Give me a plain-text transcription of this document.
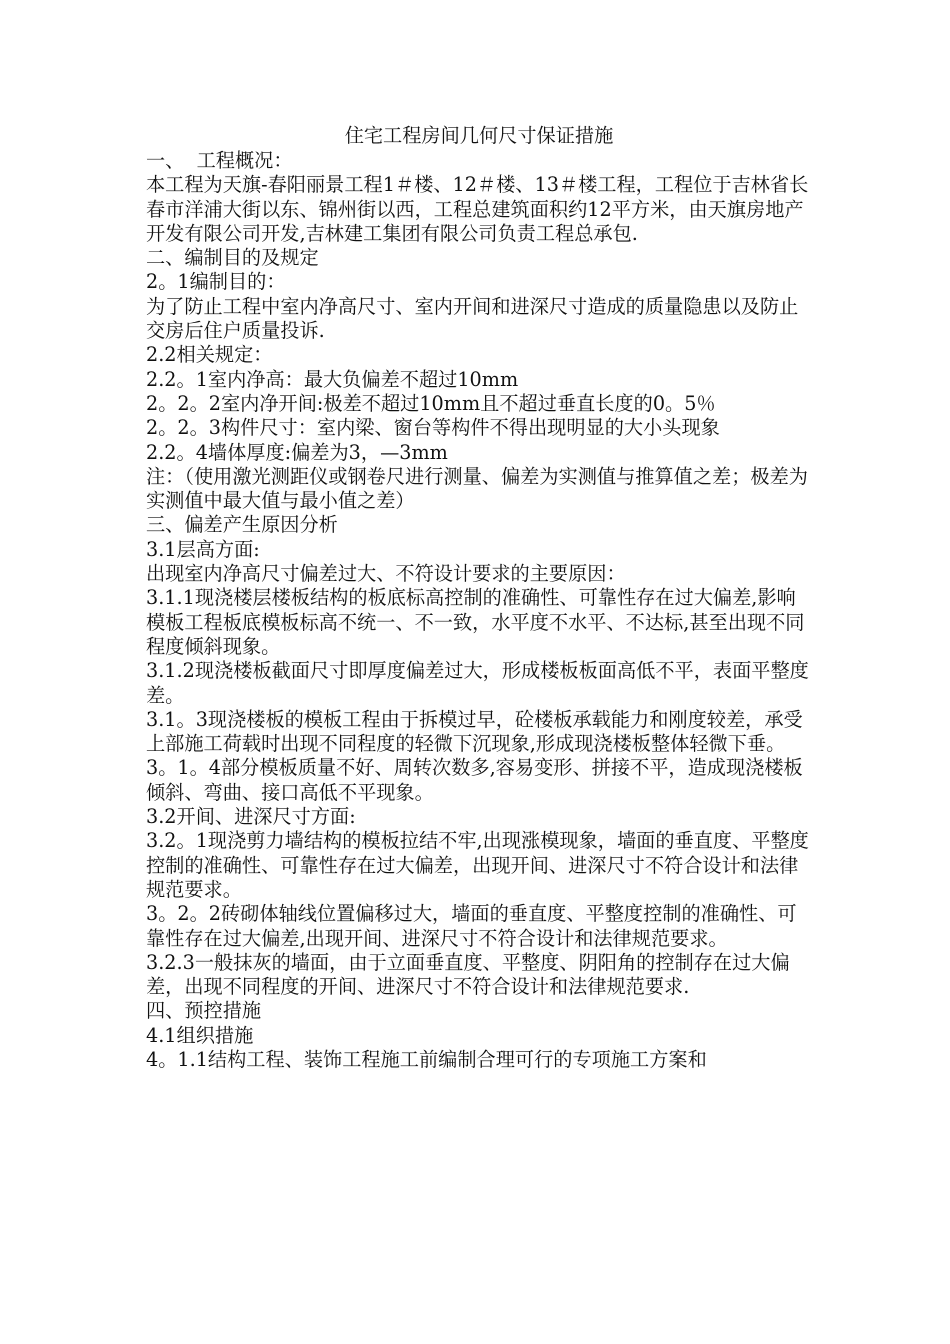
住宅工程房间几何尺寸保证措施

一、  工程概况：

本工程为天旗-春阳丽景工程1＃楼、12＃楼、13＃楼工程，工程位于吉林省长春市洋浦大街以东、锦州街以西，工程总建筑面积约12平方米，由天旗房地产开发有限公司开发,吉林建工集团有限公司负责工程总承包.

二、编制目的及规定

2。1编制目的：

为了防止工程中室内净高尺寸、室内开间和进深尺寸造成的质量隐患以及防止交房后住户质量投诉.

2.2相关规定：

2.2。1室内净高：最大负偏差不超过10mm

2。2。2室内净开间:极差不超过10mm且不超过垂直长度的0。5％

2。2。3构件尺寸：室内梁、窗台等构件不得出现明显的大小头现象

2.2。4墙体厚度:偏差为3，—3mm

注：（使用激光测距仪或钢卷尺进行测量、偏差为实测值与推算值之差；极差为实测值中最大值与最小值之差）

三、偏差产生原因分析

3.1层高方面:

出现室内净高尺寸偏差过大、不符设计要求的主要原因：

3.1.1现浇楼层楼板结构的板底标高控制的准确性、可靠性存在过大偏差,影响模板工程板底模板标高不统一、不一致，水平度不水平、不达标,甚至出现不同程度倾斜现象。

3.1.2现浇楼板截面尺寸即厚度偏差过大，形成楼板板面高低不平，表面平整度差。

3.1。3现浇楼板的模板工程由于拆模过早，砼楼板承载能力和刚度较差，承受上部施工荷载时出现不同程度的轻微下沉现象,形成现浇楼板整体轻微下垂。

3。1。4部分模板质量不好、周转次数多,容易变形、拼接不平，造成现浇楼板倾斜、弯曲、接口高低不平现象。

3.2开间、进深尺寸方面:

3.2。1现浇剪力墙结构的模板拉结不牢,出现涨模现象，墙面的垂直度、平整度控制的准确性、可靠性存在过大偏差，出现开间、进深尺寸不符合设计和法律规范要求。

3。2。2砖砌体轴线位置偏移过大，墙面的垂直度、平整度控制的准确性、可靠性存在过大偏差,出现开间、进深尺寸不符合设计和法律规范要求。

3.2.3一般抹灰的墙面，由于立面垂直度、平整度、阴阳角的控制存在过大偏差，出现不同程度的开间、进深尺寸不符合设计和法律规范要求.

四、预控措施

4.1组织措施

4。1.1结构工程、装饰工程施工前编制合理可行的专项施工方案和
